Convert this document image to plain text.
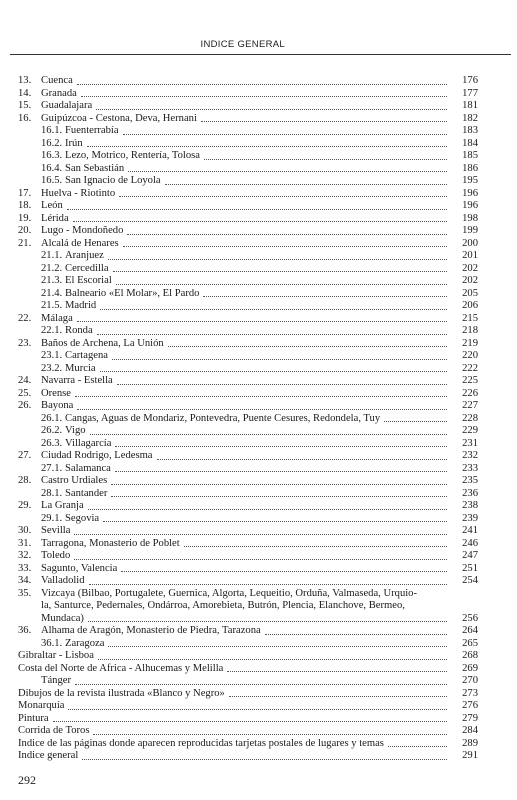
INDICE GENERAL
13. Cuenca	176
14. Granada	177
15. Guadalajara	181
16. Guipúzcoa - Cestona, Deva, Hernani	182
16.1. Fuenterrabía	183
16.2. Irún	184
16.3. Lezo, Motrico, Rentería, Tolosa	185
16.4. San Sebastián	186
16.5. San Ignacio de Loyola	195
17. Huelva - Riotinto	196
18. León	196
19. Lérida	198
20. Lugo - Mondoñedo	199
21. Alcalá de Henares	200
21.1. Aranjuez	201
21.2. Cercedilla	202
21.3. El Escorial	202
21.4. Balneario «El Molar», El Pardo	205
21.5. Madrid	206
22. Málaga	215
22.1. Ronda	218
23. Baños de Archena, La Unión	219
23.1. Cartagena	220
23.2. Murcia	222
24. Navarra - Estella	225
25. Orense	226
26. Bayona	227
26.1. Cangas, Aguas de Mondariz, Pontevedra, Puente Cesures, Redondela, Tuy	228
26.2. Vigo	229
26.3. Villagarcía	231
27. Ciudad Rodrigo, Ledesma	232
27.1. Salamanca	233
28. Castro Urdiales	235
28.1. Santander	236
29. La Granja	238
29.1. Segovia	239
30. Sevilla	241
31. Tarragona, Monasterio de Poblet	246
32. Toledo	247
33. Sagunto, Valencia	251
34. Valladolid	254
35. Vizcaya (Bilbao, Portugalete, Guernica, Algorta, Lequeitio, Orduña, Valmaseda, Urquio-
la, Santurce, Pedernales, Ondárroa, Amorebieta, Butrón, Plencia, Elanchove, Bermeo,
Mundaca)	256
36. Alhama de Aragón, Monasterio de Piedra, Tarazona	264
36.1. Zaragoza	265
Gibraltar - Lisboa	268
Costa del Norte de Africa - Alhucemas y Melilla	269
Tánger	270
Dibujos de la revista ilustrada «Blanco y Negro»	273
Monarquía	276
Pintura	279
Corrida de Toros	284
Indice de las páginas donde aparecen reproducidas tarjetas postales de lugares y temas	289
Indice general	291
292
